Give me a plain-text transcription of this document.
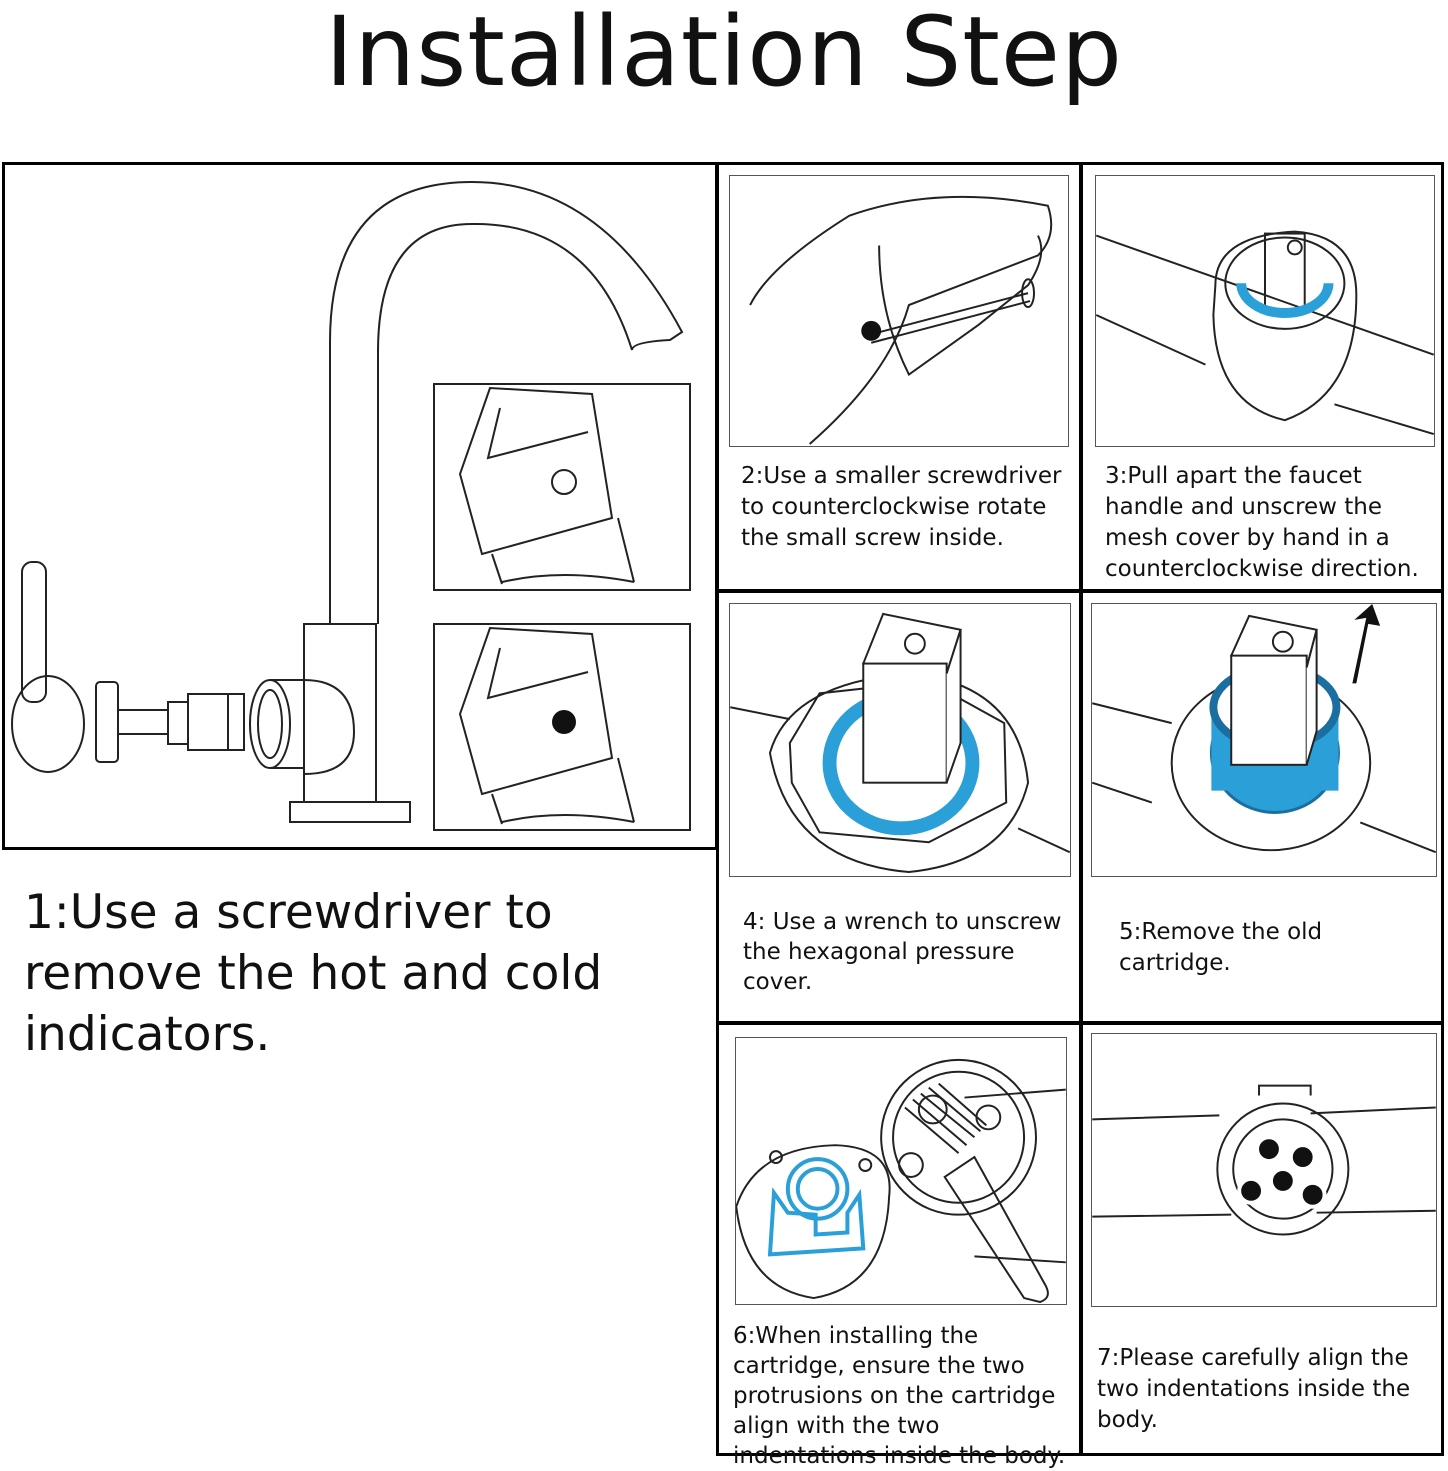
Installation Step
1:Use a screwdriver to remove the hot and cold indicators.
2:Use a smaller screwdriver to counterclockwise rotate the small screw inside.
3:Pull apart the faucet handle and unscrew the mesh cover by hand in a counterclockwise direction.
4: Use a wrench to unscrew the hexagonal pressure cover.
5:Remove the old cartridge.
6:When installing the cartridge, ensure the two protrusions on the cartridge align with the two indentations inside the body.
7:Please carefully align the two indentations inside the body.
